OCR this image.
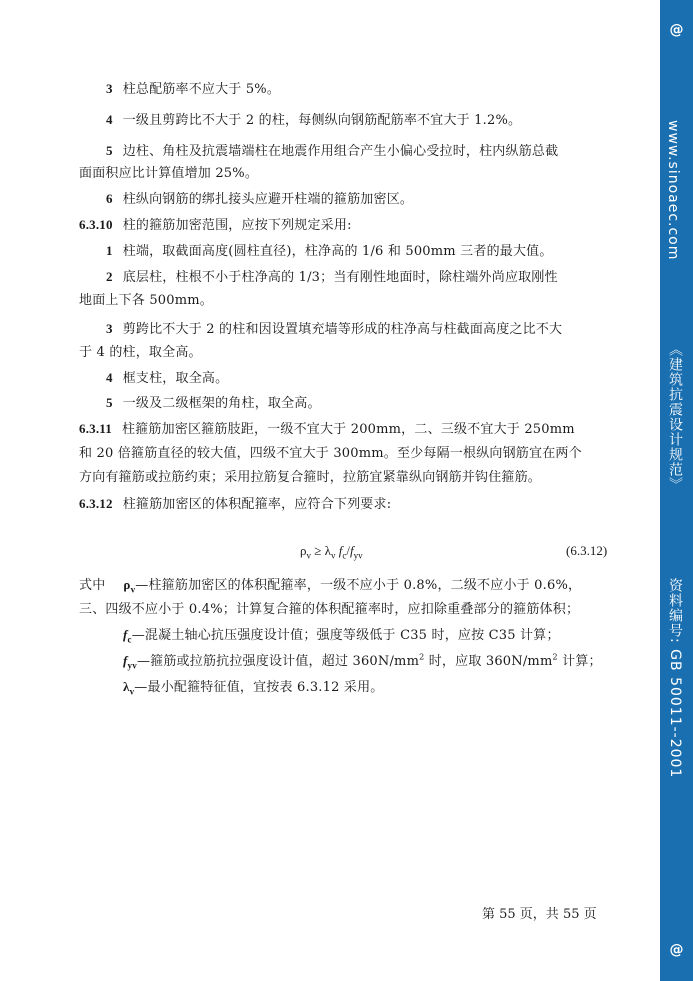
3 柱总配筋率不应大于 5%。
4 一级且剪跨比不大于 2 的柱，每侧纵向钢筋配筋率不宜大于 1.2%。
5 边柱、角柱及抗震墙端柱在地震作用组合产生小偏心受拉时，柱内纵筋总截
面面积应比计算值增加 25%。
6 柱纵向钢筋的绑扎接头应避开柱端的箍筋加密区。
6.3.10 柱的箍筋加密范围，应按下列规定采用:
1 柱端，取截面高度(圆柱直径)，柱净高的 1/6 和 500mm 三者的最大值。
2 底层柱，柱根不小于柱净高的 1/3；当有刚性地面时，除柱端外尚应取刚性
地面上下各 500mm。
3 剪跨比不大于 2 的柱和因设置填充墙等形成的柱净高与柱截面高度之比不大
于 4 的柱，取全高。
4 框支柱，取全高。
5 一级及二级框架的角柱，取全高。
6.3.11 柱箍筋加密区箍筋肢距，一级不宜大于 200mm，二、三级不宜大于 250mm
和 20 倍箍筋直径的较大值，四级不宜大于 300mm。至少每隔一根纵向钢筋宜在两个
方向有箍筋或拉筋约束；采用拉筋复合箍时，拉筋宜紧靠纵向钢筋并钩住箍筋。
6.3.12 柱箍筋加密区的体积配箍率，应符合下列要求:
$\rho_v \ge \lambda_v$ $f_c/f_{yv}$	(6.3.12)
式中 $\rho_v—$柱箍筋加密区的体积配箍率，一级不应小于 0.8%，二级不应小于 0.6%，
三、四级不应小于 0.4%；计算复合箍的体积配箍率时，应扣除重叠部分的箍筋体积；
$f_c—$混凝土轴心抗压强度设计值；强度等级低于 C35 时，应按 C35 计算；
$f_{yv}—$箍筋或拉筋抗拉强度设计值，超过 $360N/mm^2$ 时，应取 $360N/mm^2$ 计算；
$\lambda_v—$最小配箍特征值，宜按表 6.3.12 采用。
第 55 页，共 55 页
@
www.sinoaec.com
《建筑抗震设计规范》
资料编号: GB 50011--2001
@
